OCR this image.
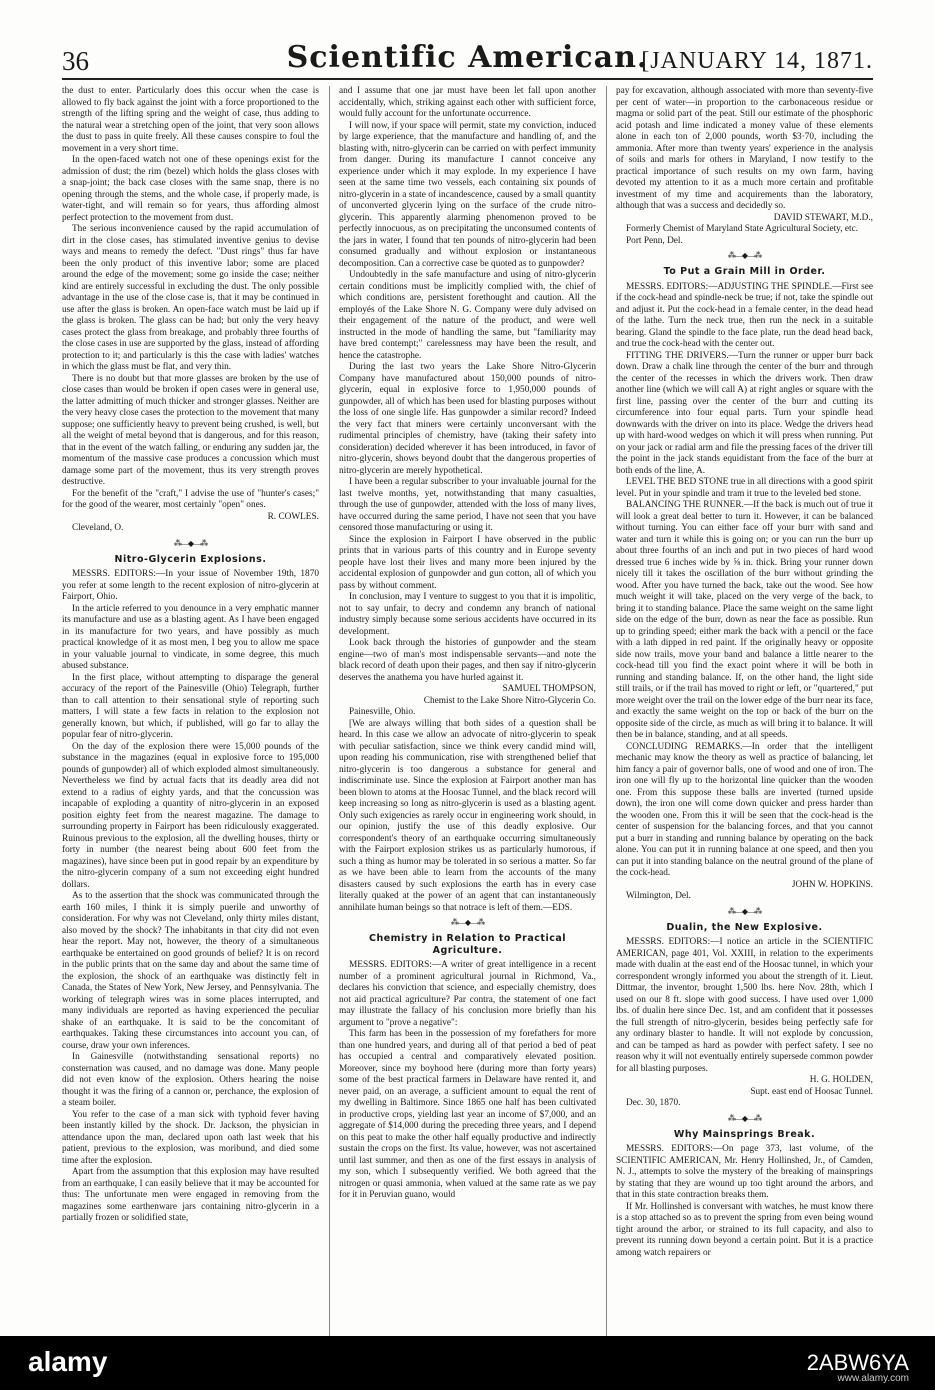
36	Scientific American.
[JANUARY 14, 1871.

the dust to enter. Particularly does this occur when the case is allowed to fly back against the joint with a force proportioned to the strength of the lifting spring and the weight of case, thus adding to the natural wear a stretching open of the joint, that very soon allows the dust to pass in quite freely. All these causes conspire to foul the movement in a very short time.

In the open-faced watch not one of these openings exist for the admission of dust; the rim (bezel) which holds the glass closes with a snap-joint; the back case closes with the same snap, there is no opening through the stems, and the whole case, if properly made, is water-tight, and will remain so for years, thus affording almost perfect protection to the movement from dust.

The serious inconvenience caused by the rapid accumulation of dirt in the close cases, has stimulated inventive genius to devise ways and means to remedy the defect. "Dust rings" thus far have been the only product of this inventive labor; some are placed around the edge of the movement; some go inside the case; neither kind are entirely successful in excluding the dust. The only possible advantage in the use of the close case is, that it may be continued in use after the glass is broken. An open-face watch must be laid up if the glass is broken. The glass can be had; but only the very heavy cases protect the glass from breakage, and probably three fourths of the close cases in use are supported by the glass, instead of affording protection to it; and particularly is this the case with ladies' watches in which the glass must be flat, and very thin.

There is no doubt but that more glasses are broken by the use of close cases than would be broken if open cases were in general use, the latter admitting of much thicker and stronger glasses. Neither are the very heavy close cases the protection to the movement that many suppose; one sufficiently heavy to prevent being crushed, is well, but all the weight of metal beyond that is dangerous, and for this reason, that in the event of the watch falling, or enduring any sudden jar, the momentum of the massive case produces a concussion which must damage some part of the movement, thus its very strength proves destructive.

For the benefit of the "craft," I advise the use of "hunter's cases;" for the good of the wearer, most certainly "open" ones.

R. COWLES.

Cleveland, O.

⁂—◆—⁂
Nitro-Glycerin Explosions.

MESSRS. EDITORS:—In your issue of November 19th, 1870 you refer at some length to the recent explosion of nitro-glycerin at Fairport, Ohio.

In the article referred to you denounce in a very emphatic manner its manufacture and use as a blasting agent. As I have been engaged in its manufacture for two years, and have possibly as much practical knowledge of it as most men, I beg you to allow me space in your valuable journal to vindicate, in some degree, this much abused substance.

In the first place, without attempting to disparage the general accuracy of the report of the Painesville (Ohio) Telegraph, further than to call attention to their sensational style of reporting such matters, I will state a few facts in relation to the explosion not generally known, but which, if published, will go far to allay the popular fear of nitro-glycerin.

On the day of the explosion there were 15,000 pounds of the substance in the magazines (equal in explosive force to 195,000 pounds of gunpowder) all of which exploded almost simultaneously. Nevertheless we find by actual facts that its deadly area did not extend to a radius of eighty yards, and that the concussion was incapable of exploding a quantity of nitro-glycerin in an exposed position eighty feet from the nearest magazine. The damage to surrounding property in Fairport has been ridiculously exaggerated. Ruinous previous to the explosion, all the dwelling houses, thirty or forty in number (the nearest being about 600 feet from the magazines), have since been put in good repair by an expenditure by the nitro-glycerin company of a sum not exceeding eight hundred dollars.

As to the assertion that the shock was communicated through the earth 160 miles, I think it is simply puerile and unworthy of consideration. For why was not Cleveland, only thirty miles distant, also moved by the shock? The inhabitants in that city did not even hear the report. May not, however, the theory of a simultaneous earthquake be entertained on good grounds of belief? It is on record in the public prints that on the same day and about the same time of the explosion, the shock of an earthquake was distinctly felt in Canada, the States of New York, New Jersey, and Pennsylvania. The working of telegraph wires was in some places interrupted, and many individuals are reported as having experienced the peculiar shake of an earthquake. It is said to be the concomitant of earthquakes. Taking these circumstances into account you can, of course, draw your own inferences.

In Gainesville (notwithstanding sensational reports) no consternation was caused, and no damage was done. Many people did not even know of the explosion. Others hearing the noise thought it was the firing of a cannon or, perchance, the explosion of a steam boiler.

You refer to the case of a man sick with typhoid fever having been instantly killed by the shock. Dr. Jackson, the physician in attendance upon the man, declared upon oath last week that his patient, previous to the explosion, was moribund, and died some time after the explosion.

Apart from the assumption that this explosion may have resulted from an earthquake, I can easily believe that it may be accounted for thus: The unfortunate men were engaged in removing from the magazines some earthenware jars containing nitro-glycerin in a partially frozen or solidified state,

and I assume that one jar must have been let fall upon another accidentally, which, striking against each other with sufficient force, would fully account for the unfortunate occurrence.

I will now, if your space will permit, state my conviction, induced by large experience, that the manufacture and handling of, and the blasting with, nitro-glycerin can be carried on with perfect immunity from danger. During its manufacture I cannot conceive any experience under which it may explode. In my experience I have seen at the same time two vessels, each containing six pounds of nitro-glycerin in a state of incandescence, caused by a small quantity of unconverted glycerin lying on the surface of the crude nitro-glycerin. This apparently alarming phenomenon proved to be perfectly innocuous, as on precipitating the unconsumed contents of the jars in water, I found that ten pounds of nitro-glycerin had been consumed gradually and without explosion or instantaneous decomposition. Can a corrective case be quoted as to gunpowder?

Undoubtedly in the safe manufacture and using of nitro-glycerin certain conditions must be implicitly complied with, the chief of which conditions are, persistent forethought and caution. All the employés of the Lake Shore N. G. Company were duly advised on their engagement of the nature of the product, and were well instructed in the mode of handling the same, but "familiarity may have bred contempt;" carelessness may have been the result, and hence the catastrophe.

During the last two years the Lake Shore Nitro-Glycerin Company have manufactured about 150,000 pounds of nitro-glycerin, equal in explosive force to 1,950,000 pounds of gunpowder, all of which has been used for blasting purposes without the loss of one single life. Has gunpowder a similar record? Indeed the very fact that miners were certainly unconversant with the rudimental principles of chemistry, have (taking their safety into consideration) decided wherever it has been introduced, in favor of nitro-glycerin, shows beyond doubt that the dangerous properties of nitro-glycerin are merely hypothetical.

I have been a regular subscriber to your invaluable journal for the last twelve months, yet, notwithstanding that many casualties, through the use of gunpowder, attended with the loss of many lives, have occurred during the same period, I have not seen that you have censored those manufacturing or using it.

Since the explosion in Fairport I have observed in the public prints that in various parts of this country and in Europe seventy people have lost their lives and many more been injured by the accidental explosion of gunpowder and gun cotton, all of which you pass by without comment.

In conclusion, may I venture to suggest to you that it is impolitic, not to say unfair, to decry and condemn any branch of national industry simply because some serious accidents have occurred in its development.

Look back through the histories of gunpowder and the steam engine—two of man's most indispensable servants—and note the black record of death upon their pages, and then say if nitro-glycerin deserves the anathema you have hurled against it.

SAMUEL THOMPSON,

Chemist to the Lake Shore Nitro-Glycerin Co.

Painesville, Ohio.

[We are always willing that both sides of a question shall be heard. In this case we allow an advocate of nitro-glycerin to speak with peculiar satisfaction, since we think every candid mind will, upon reading his communication, rise with strengthened belief that nitro-glycerin is too dangerous a substance for general and indiscriminate use. Since the explosion at Fairport another man has been blown to atoms at the Hoosac Tunnel, and the black record will keep increasing so long as nitro-glycerin is used as a blasting agent. Only such exigencies as rarely occur in engineering work should, in our opinion, justify the use of this deadly explosive. Our correspondent's theory of an earthquake occurring simultaneously with the Fairport explosion strikes us as particularly humorous, if such a thing as humor may be tolerated in so serious a matter. So far as we have been able to learn from the accounts of the many disasters caused by such explosions the earth has in every case literally quaked at the power of an agent that can instantaneously annihilate human beings so that notrace is left of them.—EDS.

⁂—◆—⁂
Chemistry in Relation to Practical Agriculture.

MESSRS. EDITORS:—A writer of great intelligence in a recent number of a prominent agricultural journal in Richmond, Va., declares his conviction that science, and especially chemistry, does not aid practical agriculture? Par contra, the statement of one fact may illustrate the fallacy of his conclusion more briefly than his argument to "prove a negative":

This farm has been in the possession of my forefathers for more than one hundred years, and during all of that period a bed of peat has occupied a central and comparatively elevated position. Moreover, since my boyhood here (during more than forty years) some of the best practical farmers in Delaware have rented it, and never paid, on an average, a sufficient amount to equal the rent of my dwelling in Baltimore. Since 1865 one half has been cultivated in productive crops, yielding last year an income of $7,000, and an aggregate of $14,000 during the preceding three years, and I depend on this peat to make the other half equally productive and indirectly sustain the crops on the first. Its value, however, was not ascertained until last summer, and then as one of the first essays in analysis of my son, which I subsequently verified. We both agreed that the nitrogen or quasi ammonia, when valued at the same rate as we pay for it in Peruvian guano, would

pay for excavation, although associated with more than seventy-five per cent of water—in proportion to the carbonaceous residue or magma or solid part of the peat. Still our estimate of the phosphoric acid potash and lime indicated a money value of these elements alone in each ton of 2,000 pounds, worth $3·70, including the ammonia. After more than twenty years' experience in the analysis of soils and marls for others in Maryland, I now testify to the practical importance of such results on my own farm, having devoted my attention to it as a much more certain and profitable investment of my time and acquirements than the laboratory, although that was a success and decidedly so.

DAVID STEWART, M.D.,

Formerly Chemist of Maryland State Agricultural Society, etc.

Port Penn, Del.

⁂—◆—⁂
To Put a Grain Mill in Order.

MESSRS. EDITORS:—ADJUSTING THE SPINDLE.—First see if the cock-head and spindle-neck be true; if not, take the spindle out and adjust it. Put the cock-head in a female center, in the dead head of the lathe. Turn the neck true, then run the neck in a suitable bearing. Gland the spindle to the face plate, run the dead head back, and true the cock-head with the center out.

FITTING THE DRIVERS.—Turn the runner or upper burr back down. Draw a chalk line through the center of the burr and through the center of the recesses in which the drivers work. Then draw another line (which we will call A) at right angles or square with the first line, passing over the center of the burr and cutting its circumference into four equal parts. Turn your spindle head downwards with the driver on into its place. Wedge the drivers head up with hard-wood wedges on which it will press when running. Put on your jack or radial arm and file the pressing faces of the driver till the point in the jack stands equidistant from the face of the burr at both ends of the line, A.

LEVEL THE BED STONE true in all directions with a good spirit level. Put in your spindle and tram it true to the leveled bed stone.

BALANCING THE RUNNER.—If the back is much out of true it will look a great deal better to turn it. However, it can be balanced without turning. You can either face off your burr with sand and water and turn it while this is going on; or you can run the burr up about three fourths of an inch and put in two pieces of hard wood dressed true 6 inches wide by ⅝ in. thick. Bring your runner down nicely till it takes the oscillation of the burr without grinding the wood. After you have turned the back, take out the wood. See how much weight it will take, placed on the very verge of the back, to bring it to standing balance. Place the same weight on the same light side on the edge of the burr, down as near the face as possible. Run up to grinding speed; either mark the back with a pencil or the face with a lath dipped in red paint. If the originally heavy or opposite side now trails, move your band and balance a little nearer to the cock-head till you find the exact point where it will be both in running and standing balance. If, on the other hand, the light side still trails, or if the trail has moved to right or left, or "quartered," put more weight over the trail on the lower edge of the burr near its face, and exactly the same weight on the top or back of the burr on the opposite side of the circle, as much as will bring it to balance. It will then be in balance, standing, and at all speeds.

CONCLUDING REMARKS.—In order that the intelligent mechanic may know the theory as well as practice of balancing, let him fancy a pair of governor balls, one of wood and one of iron. The iron one will fly up to the horizontal line quicker than the wooden one. From this suppose these balls are inverted (turned upside down), the iron one will come down quicker and press harder than the wooden one. From this it will be seen that the cock-head is the center of suspension for the balancing forces, and that you cannot put a burr in standing and running balance by operating on the back alone. You can put it in running balance at one speed, and then you can put it into standing balance on the neutral ground of the plane of the cock-head.

JOHN W. HOPKINS.

Wilmington, Del.

⁂—◆—⁂
Dualin, the New Explosive.

MESSRS. EDITORS:—I notice an article in the SCIENTIFIC AMERICAN, page 401, Vol. XXIII, in relation to the experiments made with dualin at the east end of the Hoosac tunnel, in which your correspondent wrongly informed you about the strength of it. Lieut. Dittmar, the inventor, brought 1,500 lbs. here Nov. 28th, which I used on our 8 ft. slope with good success. I have used over 1,000 lbs. of dualin here since Dec. 1st, and am confident that it possesses the full strength of nitro-glycerin, besides being perfectly safe for any ordinary blaster to handle. It will not explode by concussion, and can be tamped as hard as powder with perfect safety. I see no reason why it will not eventually entirely supersede common powder for all blasting purposes.

H. G. HOLDEN,

Supt. east end of Hoosac Tunnel.

Dec. 30, 1870.

⁂—◆—⁂
Why Mainsprings Break.

MESSRS. EDITORS:—On page 373, last volume, of the SCIENTIFIC AMERICAN, Mr. Henry Hollinshed, Jr., of Camden, N. J., attempts to solve the mystery of the breaking of mainsprings by stating that they are wound up too tight around the arbors, and that in this state contraction breaks them.

If Mr. Hollinshed is conversant with watches, he must know there is a stop attached so as to prevent the spring from even being wound tight around the arbor, or strained to its full capacity, and also to prevent its running down beyond a certain point. But it is a practice among watch repairers or

alamy	2ABW6YA
www.alamy.com
